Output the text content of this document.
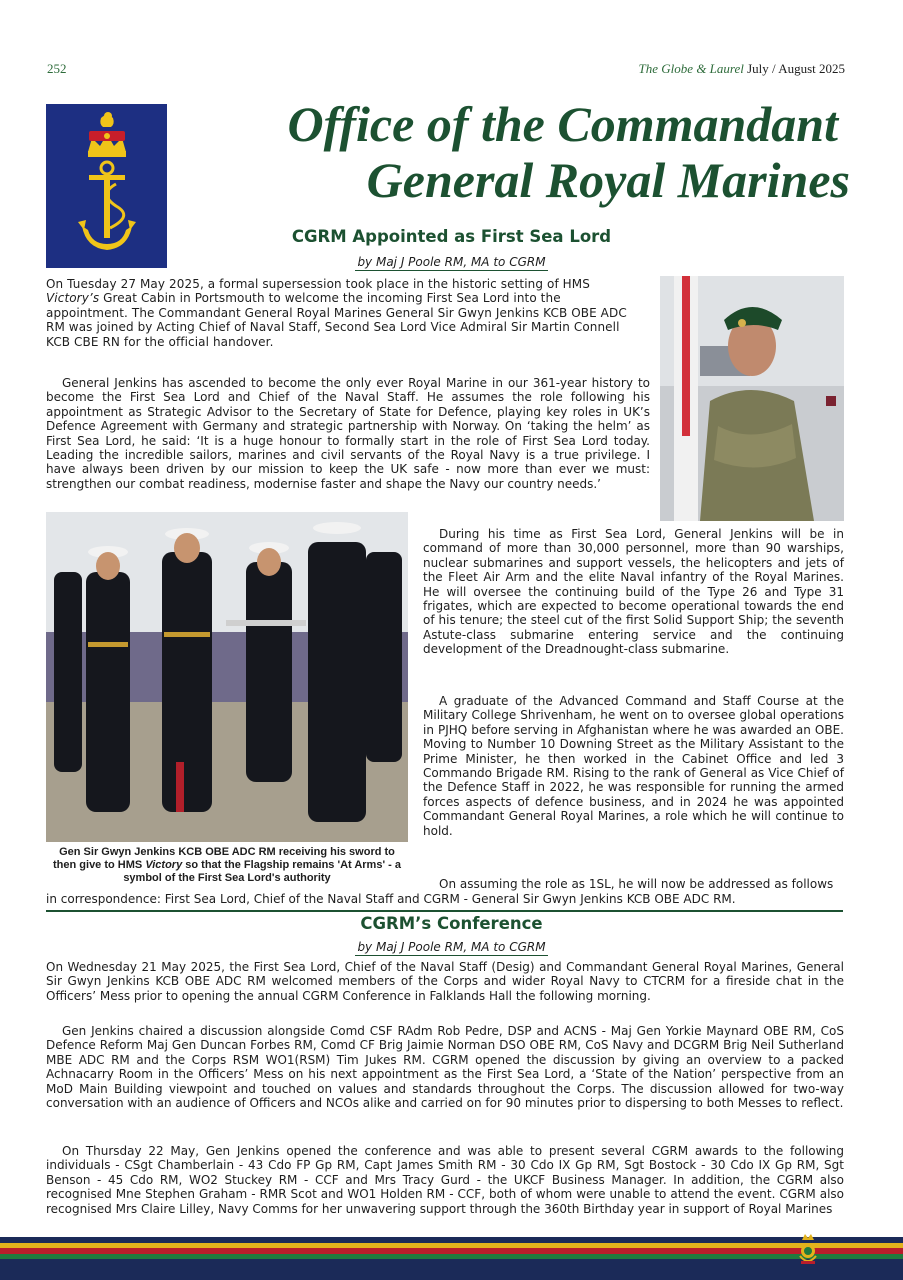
252	The Globe & Laurel July / August 2025
Office of the Commandant
General Royal Marines
CGRM Appointed as First Sea Lord
by Maj J Poole RM, MA to CGRM
On Tuesday 27 May 2025, a formal supersession took place in the historic setting of HMS
Victory’s Great Cabin in Portsmouth to welcome the incoming First Sea Lord into the
appointment. The Commandant General Royal Marines General Sir Gwyn Jenkins KCB OBE ADC
RM was joined by Acting Chief of Naval Staff, Second Sea Lord Vice Admiral Sir Martin Connell
KCB CBE RN for the official handover.
General Jenkins has ascended to become the only ever Royal Marine in our 361-year history to become the First Sea Lord and Chief of the Naval Staff. He assumes the role following his appointment as Strategic Advisor to the Secretary of State for Defence, playing key roles in UK’s Defence Agreement with Germany and strategic partnership with Norway. On ‘taking the helm’ as First Sea Lord, he said: ‘It is a huge honour to formally start in the role of First Sea Lord today. Leading the incredible sailors, marines and civil servants of the Royal Navy is a true privilege. I have always been driven by our mission to keep the UK safe - now more than ever we must: strengthen our combat readiness, modernise faster and shape the Navy our country needs.’
Gen Sir Gwyn Jenkins KCB OBE ADC RM receiving his sword to then give to HMS Victory so that the Flagship remains 'At Arms' - a symbol of the First Sea Lord's authority
During his time as First Sea Lord, General Jenkins will be in command of more than 30,000 personnel, more than 90 warships, nuclear submarines and support vessels, the helicopters and jets of the Fleet Air Arm and the elite Naval infantry of the Royal Marines. He will oversee the continuing build of the Type 26 and Type 31 frigates, which are expected to become operational towards the end of his tenure; the steel cut of the first Solid Support Ship; the seventh Astute-class submarine entering service and the continuing development of the Dreadnought-class submarine.
A graduate of the Advanced Command and Staff Course at the Military College Shrivenham, he went on to oversee global operations in PJHQ before serving in Afghanistan where he was awarded an OBE. Moving to Number 10 Downing Street as the Military Assistant to the Prime Minister, he then worked in the Cabinet Office and led 3 Commando Brigade RM. Rising to the rank of General as Vice Chief of the Defence Staff in 2022, he was responsible for running the armed forces aspects of defence business, and in 2024 he was appointed Commandant General Royal Marines, a role which he will continue to hold.
On assuming the role as 1SL, he will now be addressed as follows
in correspondence: First Sea Lord, Chief of the Naval Staff and CGRM - General Sir Gwyn Jenkins KCB OBE ADC RM.
CGRM’s Conference
by Maj J Poole RM, MA to CGRM
On Wednesday 21 May 2025, the First Sea Lord, Chief of the Naval Staff (Desig) and Commandant General Royal Marines, General Sir Gwyn Jenkins KCB OBE ADC RM welcomed members of the Corps and wider Royal Navy to CTCRM for a fireside chat in the Officers’ Mess prior to opening the annual CGRM Conference in Falklands Hall the following morning.
Gen Jenkins chaired a discussion alongside Comd CSF RAdm Rob Pedre, DSP and ACNS - Maj Gen Yorkie Maynard OBE RM, CoS Defence Reform Maj Gen Duncan Forbes RM, Comd CF Brig Jaimie Norman DSO OBE RM, CoS Navy and DCGRM Brig Neil Sutherland MBE ADC RM and the Corps RSM WO1(RSM) Tim Jukes RM. CGRM opened the discussion by giving an overview to a packed Achnacarry Room in the Officers’ Mess on his next appointment as the First Sea Lord, a ‘State of the Nation’ perspective from an MoD Main Building viewpoint and touched on values and standards throughout the Corps. The discussion allowed for two-way conversation with an audience of Officers and NCOs alike and carried on for 90 minutes prior to dispersing to both Messes to reflect.
On Thursday 22 May, Gen Jenkins opened the conference and was able to present several CGRM awards to the following individuals - CSgt Chamberlain - 43 Cdo FP Gp RM, Capt James Smith RM - 30 Cdo IX Gp RM, Sgt Bostock - 30 Cdo IX Gp RM, Sgt Benson - 45 Cdo RM, WO2 Stuckey RM - CCF and Mrs Tracy Gurd - the UKCF Business Manager. In addition, the CGRM also recognised Mne Stephen Graham - RMR Scot and WO1 Holden RM - CCF, both of whom were unable to attend the event. CGRM also recognised Mrs Claire Lilley, Navy Comms for her unwavering support through the 360th Birthday year in support of Royal Marines
